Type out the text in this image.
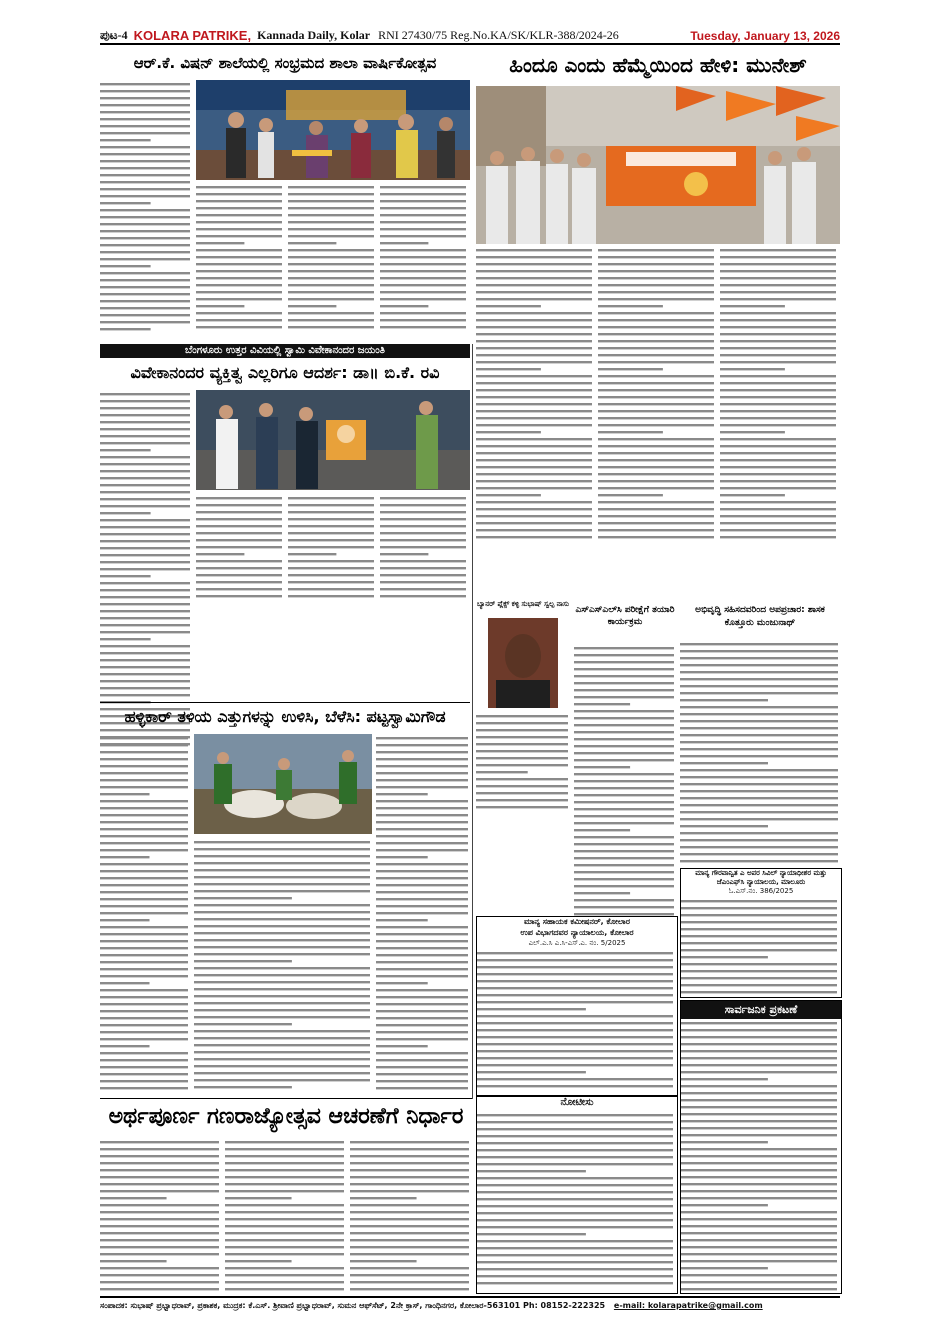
ಪುಟ-4 KOLARA PATRIKE, Kannada Daily, Kolar RNI 27430/75 Reg.No.KA/SK/KLR-388/2024-26	Tuesday, January 13, 2026
ಆರ್.ಕೆ. ವಿಷನ್ ಶಾಲೆಯಲ್ಲಿ ಸಂಭ್ರಮದ ಶಾಲಾ ವಾರ್ಷಿಕೋತ್ಸವ	ಹಿಂದೂ ಎಂದು ಹೆಮ್ಮೆಯಿಂದ ಹೇಳಿ: ಮುನೇಶ್
ಬೆಂಗಳೂರು ಉತ್ತರ ವಿವಿಯಲ್ಲಿ ಸ್ವಾಮಿ ವಿವೇಕಾನಂದರ ಜಯಂತಿ
ವಿವೇಕಾನಂದರ ವ್ಯಕ್ತಿತ್ವ ಎಲ್ಲರಿಗೂ ಆದರ್ಶ: ಡಾ॥ ಬಿ.ಕೆ. ರವಿ
ಹಳ್ಳಿಕಾರ್ ತಳಿಯ ಎತ್ತುಗಳನ್ನು ಉಳಿಸಿ, ಬೆಳೆಸಿ: ಪಟ್ಟಸ್ವಾಮಿಗೌಡ
ಬ್ಯಾನರ್ ಪ್ಲೆಕ್ಸ್ ಕಳ್ಳಿ ಸುಭಾಷ್ ಸ್ವಲ್ಪ ನಾಸು

ಎಸ್ಎಸ್‌ಎಲ್‌ಸಿ ಪರೀಕ್ಷೆಗೆ ತಯಾರಿ ಕಾರ್ಯಕ್ರಮ
ಅಭಿವೃದ್ಧಿ ಸಹಿಸದವರಿಂದ ಅಪಪ್ರಚಾರ: ಶಾಸಕ ಕೊತ್ತೂರು ಮಂಜುನಾಥ್
ಮಾನ್ಯ ಸಹಾಯಕ ಕಮೀಷನರ್, ಕೋಲಾರ
ಉಪ ವಿಭಾಗದವರ ನ್ಯಾಯಾಲಯ, ಕೋಲಾರ
ಎಲ್.ಎ.ಸಿ ಎ.ಸಿ-ಎಸ್.ಎ. ನಂ. 5/2025
ನೋಟೀಸು
ಮಾನ್ಯ ಗೌರವಾನ್ವಿತ ಎ ಅಪರ ಸಿವಿಲ್ ನ್ಯಾಯಾಧೀಶರ ಮತ್ತು ಜೆಎಂಎಫ್‌ಸಿ ನ್ಯಾಯಾಲಯ, ಮಾಲೂರು
ಓ.ಎಸ್.ನಂ. 386/2025
ಸಾರ್ವಜನಿಕ ಪ್ರಕಟಣೆ
ಅರ್ಥಪೂರ್ಣ ಗಣರಾಜ್ಯೋತ್ಸವ ಆಚರಣೆಗೆ ನಿರ್ಧಾರ
ಸಂಪಾದಕ: ಸುಭಾಷ್ ಪ್ರಭ್ವಾಧರಾವ್, ಪ್ರಕಾಶಕ, ಮುದ್ರಕ: ಕೆ.ಎಸ್. ಶ್ರೀವಾಣಿ ಪ್ರಭ್ವಾಧರಾವ್, ಸುಮನ ಆಫ್‌ಸೆಟ್, 2ನೇ ಕ್ರಾಸ್, ಗಾಂಧಿನಗರ, ಕೋಲಾರ-563101 Ph: 08152-222325 e-mail: kolarapatrike@gmail.com
